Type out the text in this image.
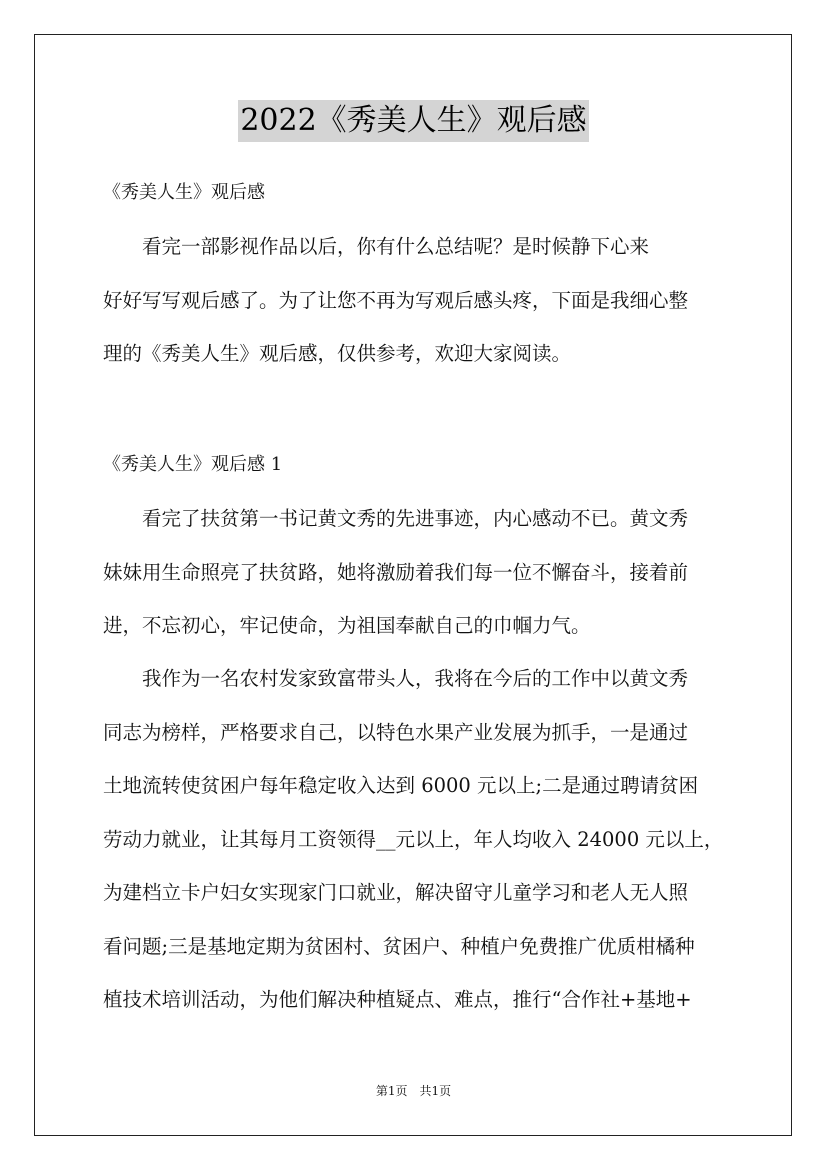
2022《秀美人生》观后感
《秀美人生》观后感
　　看完一部影视作品以后，你有什么总结呢？是时候静下心来
好好写写观后感了。为了让您不再为写观后感头疼，下面是我细心整
理的《秀美人生》观后感，仅供参考，欢迎大家阅读。
《秀美人生》观后感 1
　　看完了扶贫第一书记黄文秀的先进事迹，内心感动不已。黄文秀
妹妹用生命照亮了扶贫路，她将激励着我们每一位不懈奋斗，接着前
进，不忘初心，牢记使命，为祖国奉献自己的巾帼力气。
　　我作为一名农村发家致富带头人，我将在今后的工作中以黄文秀
同志为榜样，严格要求自己，以特色水果产业发展为抓手，一是通过
土地流转使贫困户每年稳定收入达到 6000 元以上;二是通过聘请贫困
劳动力就业，让其每月工资领得__元以上，年人均收入 24000 元以上，
为建档立卡户妇女实现家门口就业，解决留守儿童学习和老人无人照
看问题;三是基地定期为贫困村、贫困户、种植户免费推广优质柑橘种
植技术培训活动，为他们解决种植疑点、难点，推行“合作社+基地+
第1页　共1页
